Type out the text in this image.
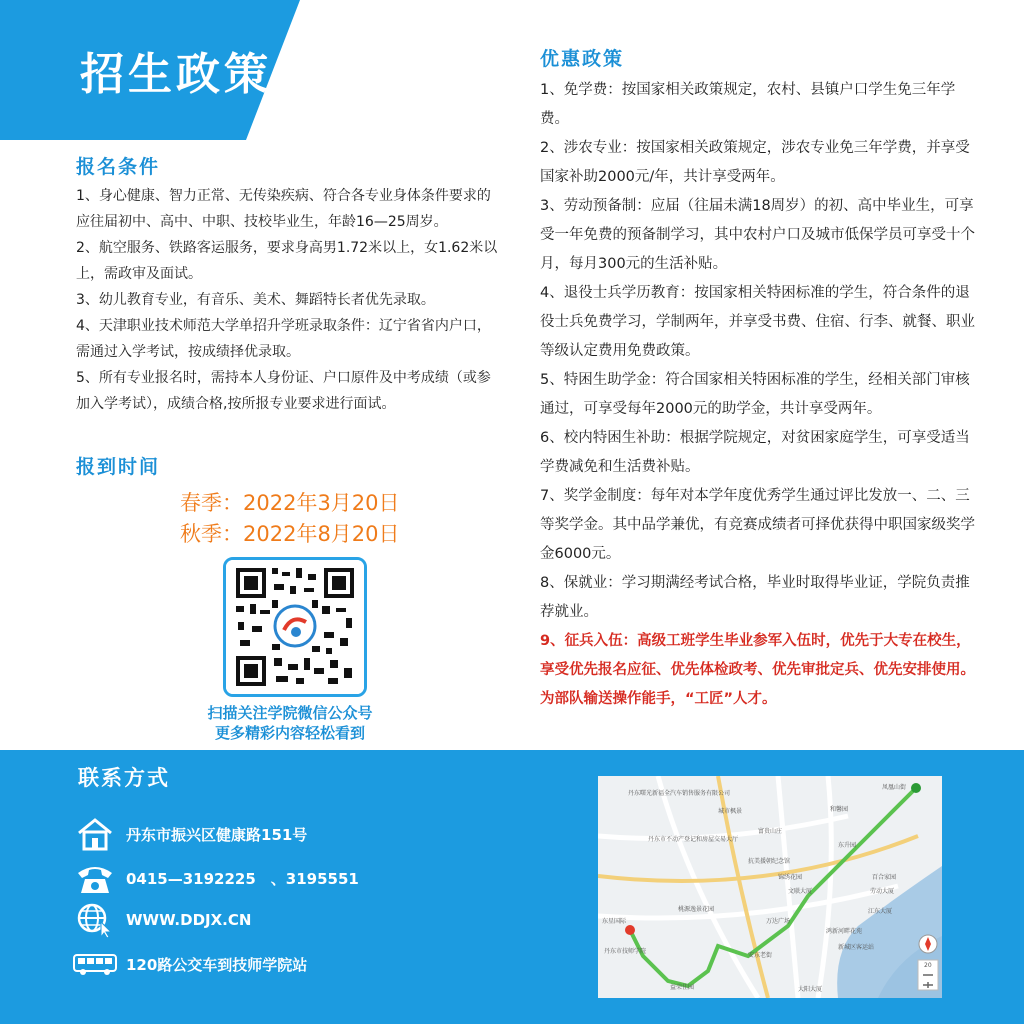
招生政策
报名条件

1、身心健康、智力正常、无传染疾病、符合各专业身体条件要求的应往届初中、高中、中职、技校毕业生，年龄16—25周岁。

2、航空服务、铁路客运服务，要求身高男1.72米以上，女1.62米以上，需政审及面试。

3、幼儿教育专业，有音乐、美术、舞蹈特长者优先录取。

4、天津职业技术师范大学单招升学班录取条件：辽宁省省内户口，需通过入学考试，按成绩择优录取。

5、所有专业报名时，需持本人身份证、户口原件及中考成绩（或参加入学考试），成绩合格,按所报专业要求进行面试。

报到时间
春季：2022年3月20日
秋季：2022年8月20日
扫描关注学院微信公众号
更多精彩内容轻松看到
优惠政策

1、免学费：按国家相关政策规定，农村、县镇户口学生免三年学费。

2、涉农专业：按国家相关政策规定，涉农专业免三年学费，并享受国家补助2000元/年，共计享受两年。

3、劳动预备制：应届（往届未满18周岁）的初、高中毕业生，可享受一年免费的预备制学习，其中农村户口及城市低保学员可享受十个月，每月300元的生活补贴。

4、退役士兵学历教育：按国家相关特困标准的学生，符合条件的退役士兵免费学习，学制两年，并享受书费、住宿、行李、就餐、职业等级认定费用免费政策。

5、特困生助学金：符合国家相关特困标准的学生，经相关部门审核通过，可享受每年2000元的助学金，共计享受两年。

6、校内特困生补助：根据学院规定，对贫困家庭学生，可享受适当学费减免和生活费补贴。

7、奖学金制度：每年对本学年度优秀学生通过评比发放一、二、三等奖学金。其中品学兼优，有竞赛成绩者可择优获得中职国家级奖学金6000元。

8、保就业：学习期满经考试合格，毕业时取得毕业证，学院负责推荐就业。

9、征兵入伍：高级工班学生毕业参军入伍时，优先于大专在校生，享受优先报名应征、优先体检政考、优先审批定兵、优先安排使用。为部队输送操作能手，“工匠”人才。

联系方式
丹东市振兴区健康路151号
0415—3192225　、3195551
WWW.DDJX.CN
120路公交车到技师学院站
丹东曙光新福全汽车销售服务有限公司
城市枫景
富贵山庄
丹东市不动产登记和房屋交易大厅
抗美援朝纪念馆
锦绣花园
东升园
文联大厦
万达广场
桃源逸景花园
东星国际
丹东市技师学院
益荣佳园
安东老街
鸿新河畔花苑
新城区客运站
大阳大厦
江东大厦
劳动大厦
百合家园
凤凰山街
和馨园
20
